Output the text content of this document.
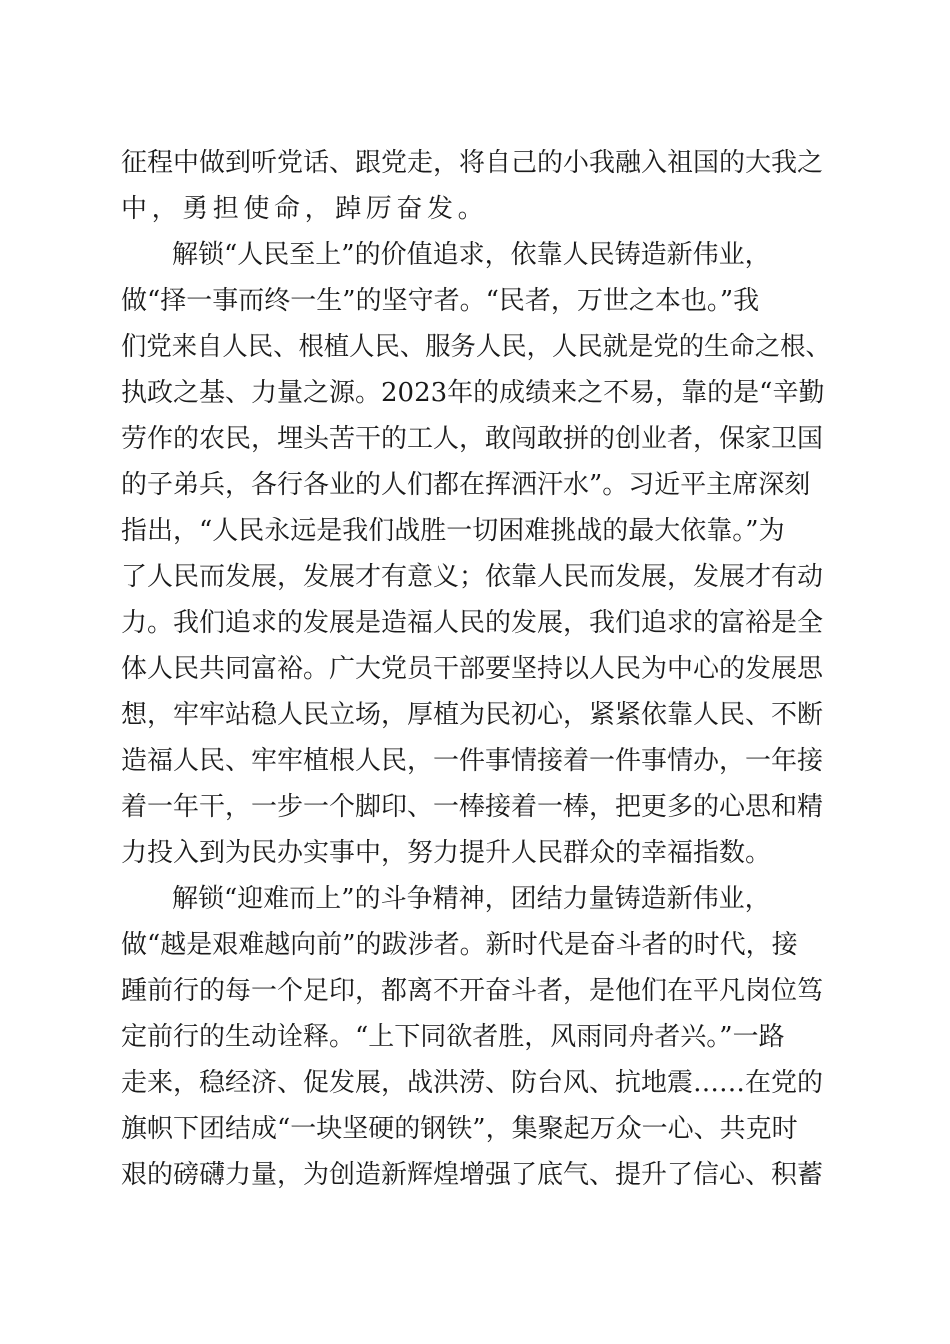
征程中做到听党话、跟党走，将自己的小我融入祖国的大我之
中，勇担使命，踔厉奋发。
解锁“人民至上”的价值追求，依靠人民铸造新伟业，
做“择一事而终一生”的坚守者。“民者，万世之本也。”我
们党来自人民、根植人民、服务人民，人民就是党的生命之根、
执政之基、力量之源。2023年的成绩来之不易，靠的是“辛勤
劳作的农民，埋头苦干的工人，敢闯敢拼的创业者，保家卫国
的子弟兵，各行各业的人们都在挥洒汗水”。习近平主席深刻
指出，“人民永远是我们战胜一切困难挑战的最大依靠。”为
了人民而发展，发展才有意义；依靠人民而发展，发展才有动
力。我们追求的发展是造福人民的发展，我们追求的富裕是全
体人民共同富裕。广大党员干部要坚持以人民为中心的发展思
想，牢牢站稳人民立场，厚植为民初心，紧紧依靠人民、不断
造福人民、牢牢植根人民，一件事情接着一件事情办，一年接
着一年干，一步一个脚印、一棒接着一棒，把更多的心思和精
力投入到为民办实事中，努力提升人民群众的幸福指数。
解锁“迎难而上”的斗争精神，团结力量铸造新伟业，
做“越是艰难越向前”的跋涉者。新时代是奋斗者的时代，接
踵前行的每一个足印，都离不开奋斗者，是他们在平凡岗位笃
定前行的生动诠释。“上下同欲者胜，风雨同舟者兴。”一路
走来，稳经济、促发展，战洪涝、防台风、抗地震……在党的
旗帜下团结成“一块坚硬的钢铁”，集聚起万众一心、共克时
艰的磅礴力量，为创造新辉煌增强了底气、提升了信心、积蓄
